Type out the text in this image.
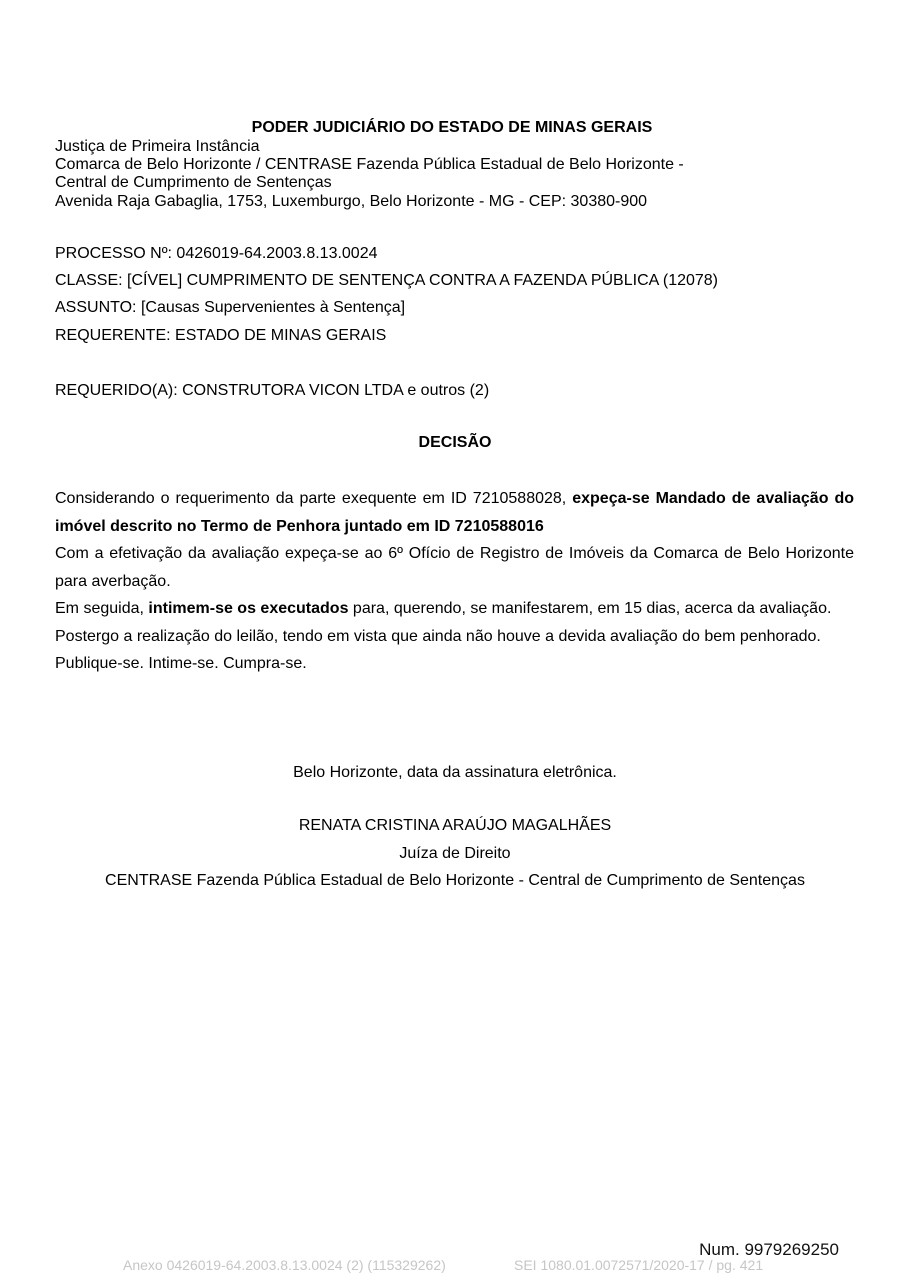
PODER JUDICIÁRIO DO ESTADO DE MINAS GERAIS
Justiça de Primeira Instância
Comarca de Belo Horizonte / CENTRASE Fazenda Pública Estadual de Belo Horizonte -
Central de Cumprimento de Sentenças
Avenida Raja Gabaglia, 1753, Luxemburgo, Belo Horizonte - MG - CEP: 30380-900
PROCESSO Nº: 0426019-64.2003.8.13.0024
CLASSE: [CÍVEL] CUMPRIMENTO DE SENTENÇA CONTRA A FAZENDA PÚBLICA (12078)
ASSUNTO: [Causas Supervenientes à Sentença]
REQUERENTE: ESTADO DE MINAS GERAIS
REQUERIDO(A): CONSTRUTORA VICON LTDA e outros (2)
DECISÃO

Considerando o requerimento da parte exequente em ID 7210588028, expeça-se Mandado de avaliação do imóvel descrito no Termo de Penhora juntado em ID 7210588016

Com a efetivação da avaliação expeça-se ao 6º Ofício de Registro de Imóveis da Comarca de Belo Horizonte para averbação.

Em seguida, intimem-se os executados para, querendo, se manifestarem, em 15 dias, acerca da avaliação.

Postergo a realização do leilão, tendo em vista que ainda não houve a devida avaliação do bem penhorado.

Publique-se. Intime-se. Cumpra-se.

Belo Horizonte, data da assinatura eletrônica.
RENATA CRISTINA ARAÚJO MAGALHÃES
Juíza de Direito
CENTRASE Fazenda Pública Estadual de Belo Horizonte - Central de Cumprimento de Sentenças
Num. 9979269250
Anexo 0426019-64.2003.8.13.0024 (2) (115329262)	SEI 1080.01.0072571/2020-17 / pg. 421
